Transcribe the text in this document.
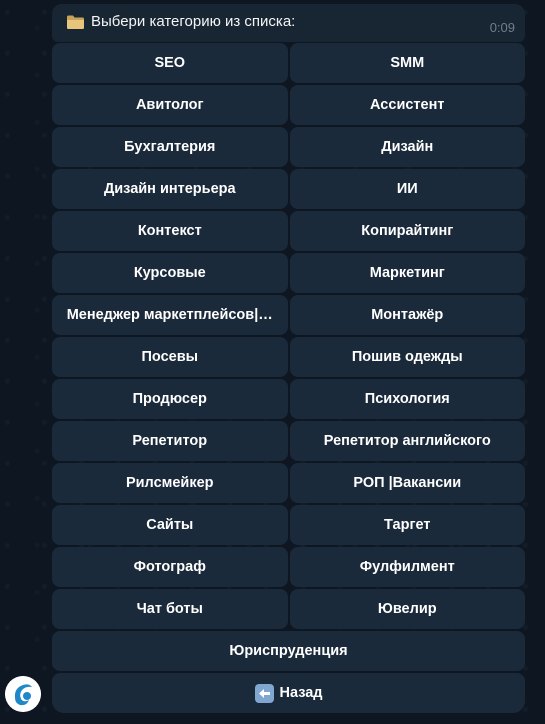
Выбери категорию из списка:	0:09
SEO	SMM
Авитолог	Ассистент
Бухгалтерия	Дизайн
Дизайн интерьера	ИИ
Контекст	Копирайтинг
Курсовые	Маркетинг
Менеджер маркетплейсов|…	Монтажёр
Посевы	Пошив одежды
Продюсер	Психология
Репетитор	Репетитор английского
Рилсмейкер	РОП |Вакансии
Сайты	Таргет
Фотограф	Фулфилмент
Чат боты	Ювелир
Юриспруденция
Назад
